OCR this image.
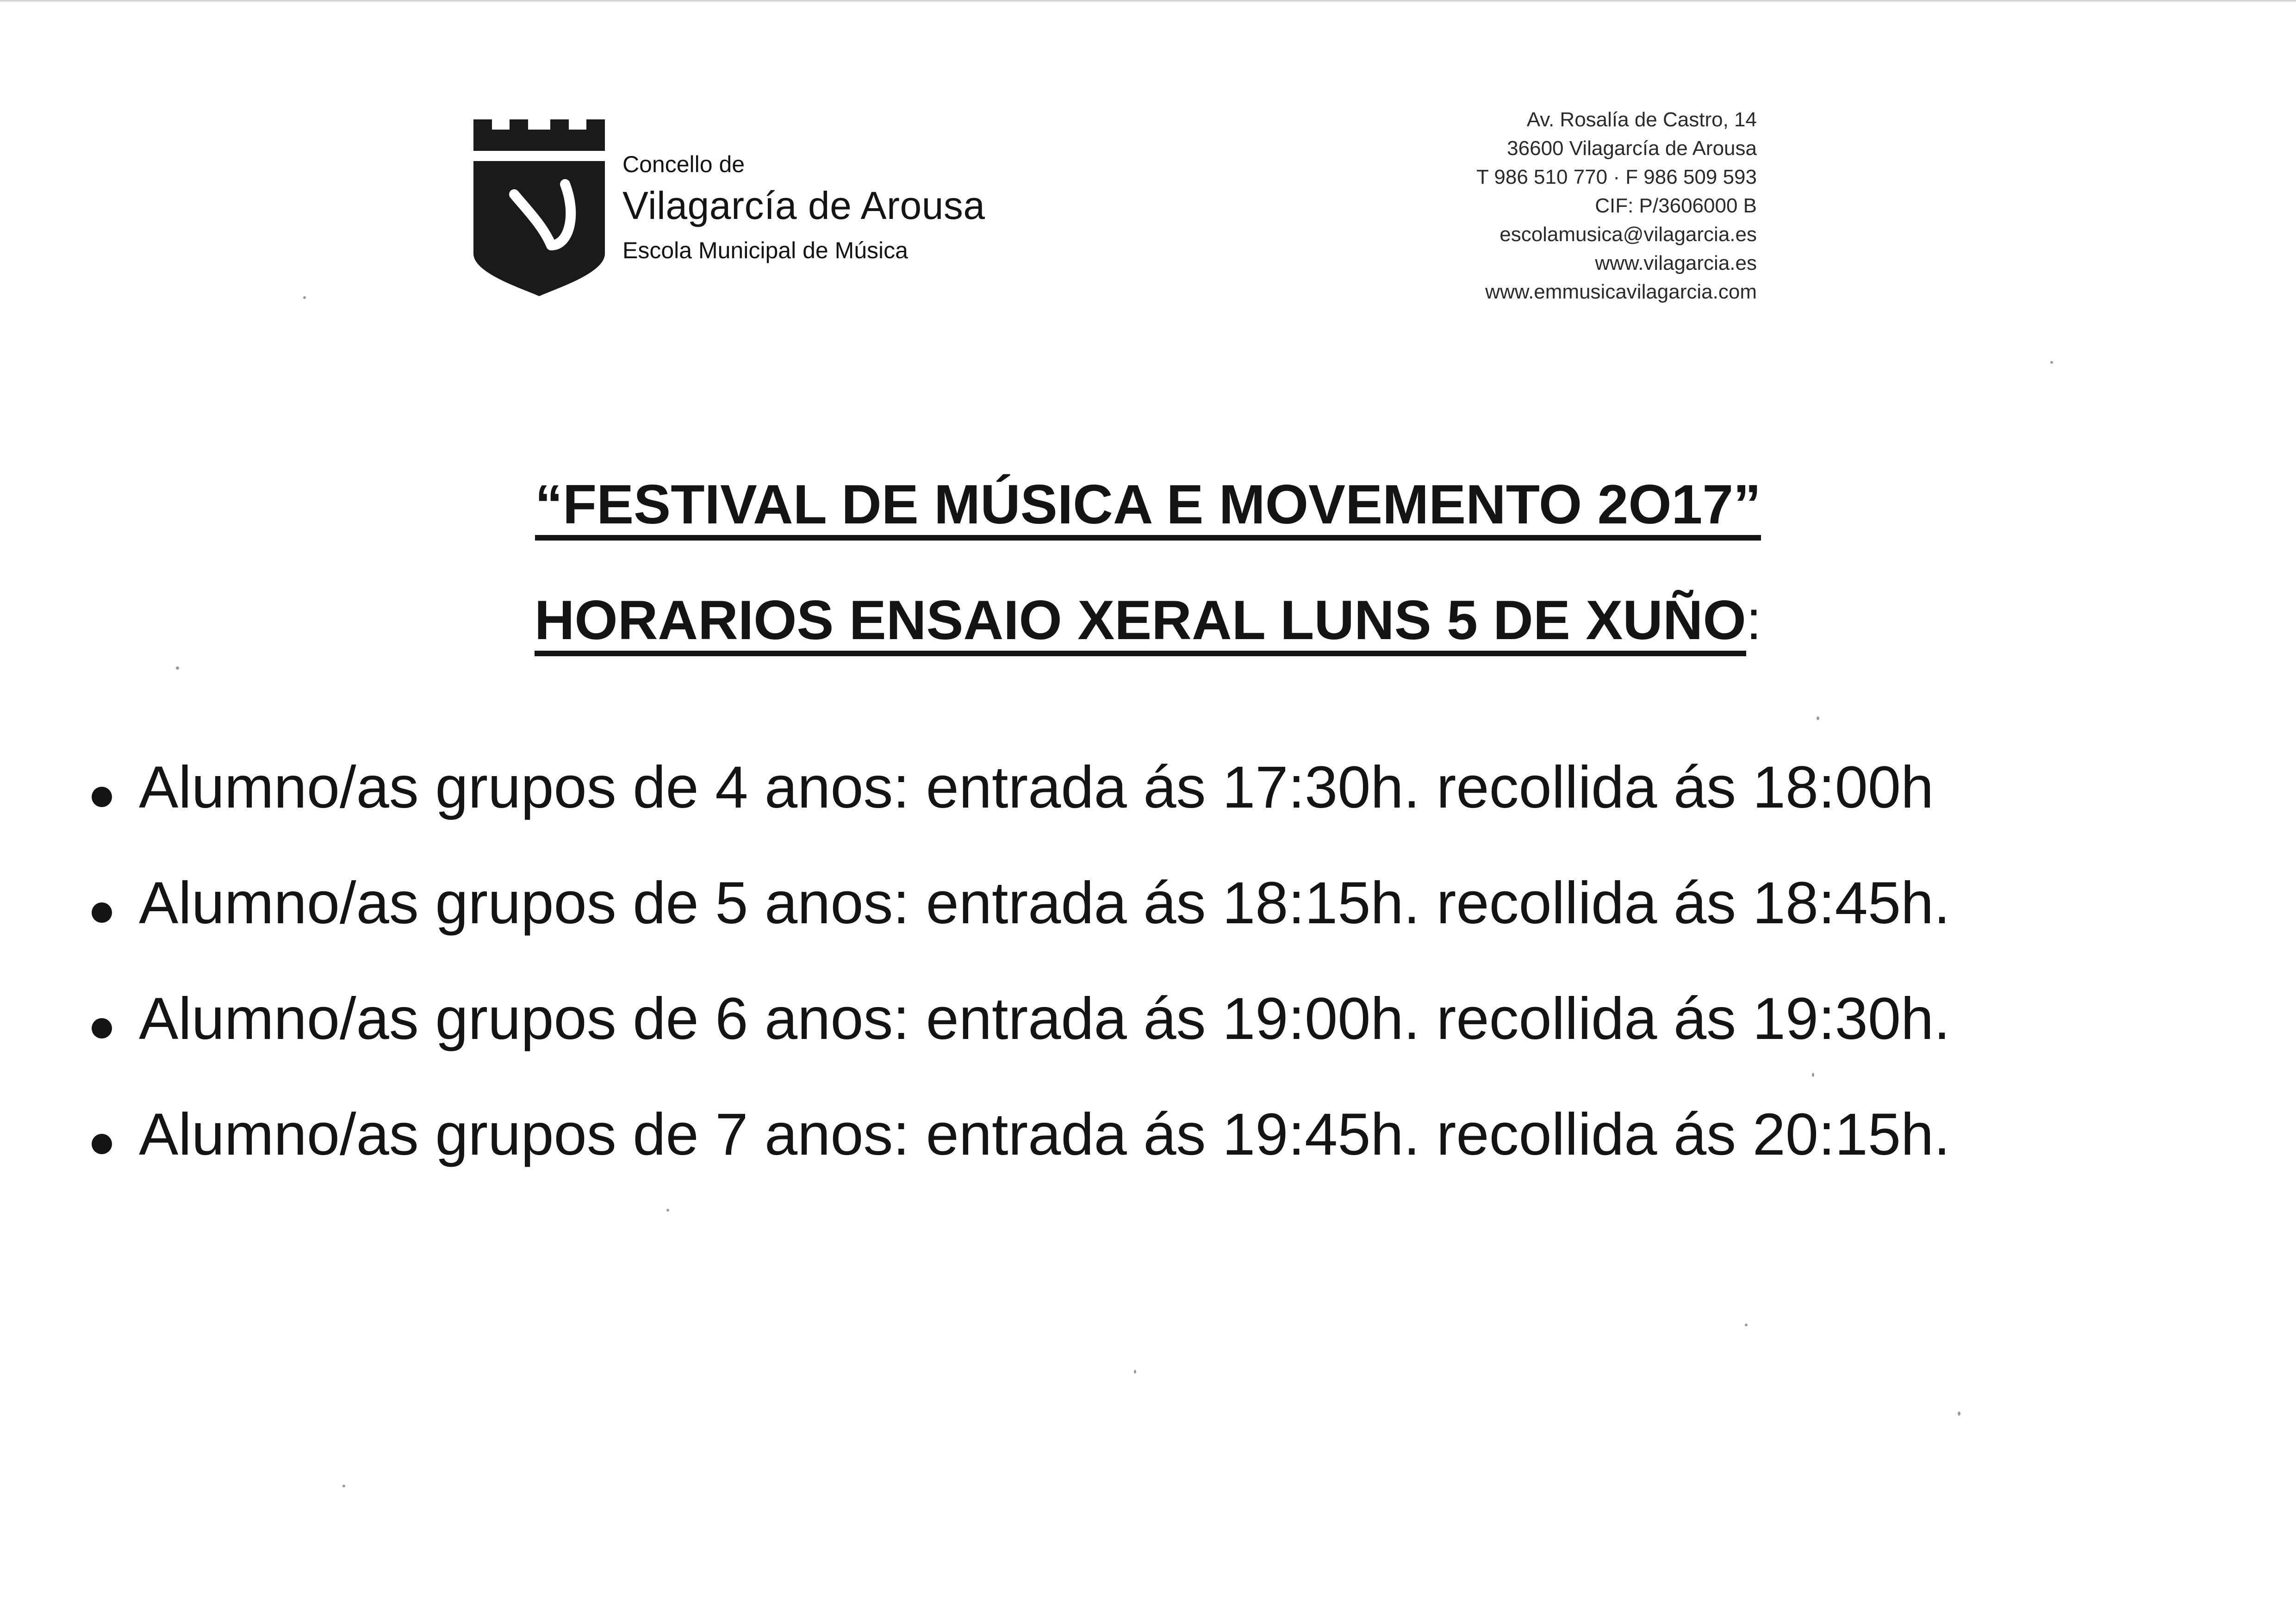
Concello de
Vilagarcía de Arousa
Escola Municipal de Música
Av. Rosalía de Castro, 14
36600 Vilagarcía de Arousa
T 986 510 770 · F 986 509 593
CIF: P/3606000 B
escolamusica@vilagarcia.es
www.vilagarcia.es
www.emmusicavilagarcia.com
“FESTIVAL DE MÚSICA E MOVEMENTO 2O17”
HORARIOS ENSAIO XERAL LUNS 5 DE XUÑO:
Alumno/as grupos de 4 anos: entrada ás 17:30h. recollida ás 18:00h
Alumno/as grupos de 5 anos: entrada ás 18:15h. recollida ás 18:45h.
Alumno/as grupos de 6 anos: entrada ás 19:00h. recollida ás 19:30h.
Alumno/as grupos de 7 anos: entrada ás 19:45h. recollida ás 20:15h.
